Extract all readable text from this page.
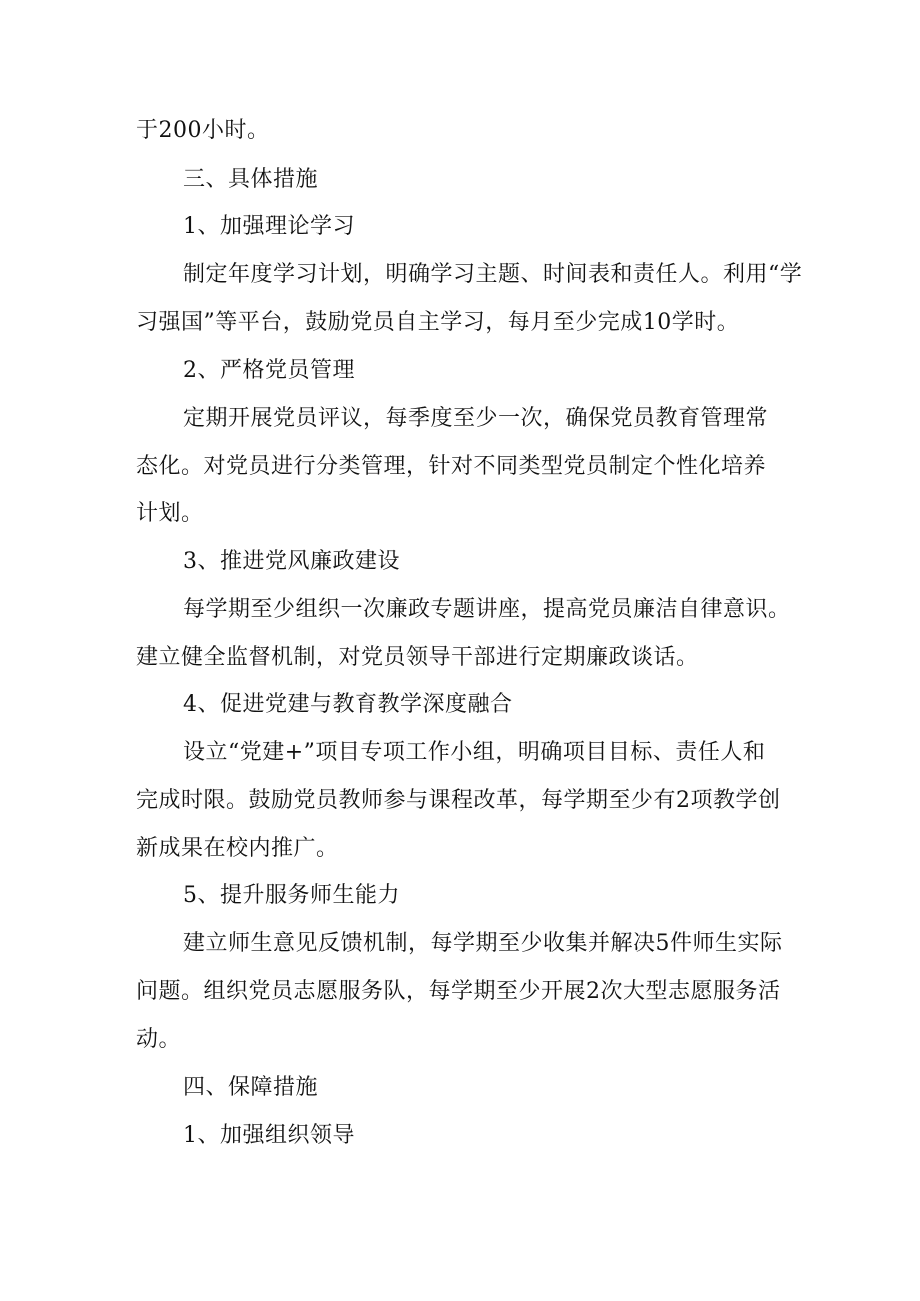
于200小时。
三、具体措施
1、加强理论学习
制定年度学习计划，明确学习主题、时间表和责任人。利用“学
习强国”等平台，鼓励党员自主学习，每月至少完成10学时。
2、严格党员管理
定期开展党员评议，每季度至少一次，确保党员教育管理常
态化。对党员进行分类管理，针对不同类型党员制定个性化培养
计划。
3、推进党风廉政建设
每学期至少组织一次廉政专题讲座，提高党员廉洁自律意识。
建立健全监督机制，对党员领导干部进行定期廉政谈话。
4、促进党建与教育教学深度融合
设立“党建+”项目专项工作小组，明确项目目标、责任人和
完成时限。鼓励党员教师参与课程改革，每学期至少有2项教学创
新成果在校内推广。
5、提升服务师生能力
建立师生意见反馈机制，每学期至少收集并解决5件师生实际
问题。组织党员志愿服务队，每学期至少开展2次大型志愿服务活
动。
四、保障措施
1、加强组织领导
